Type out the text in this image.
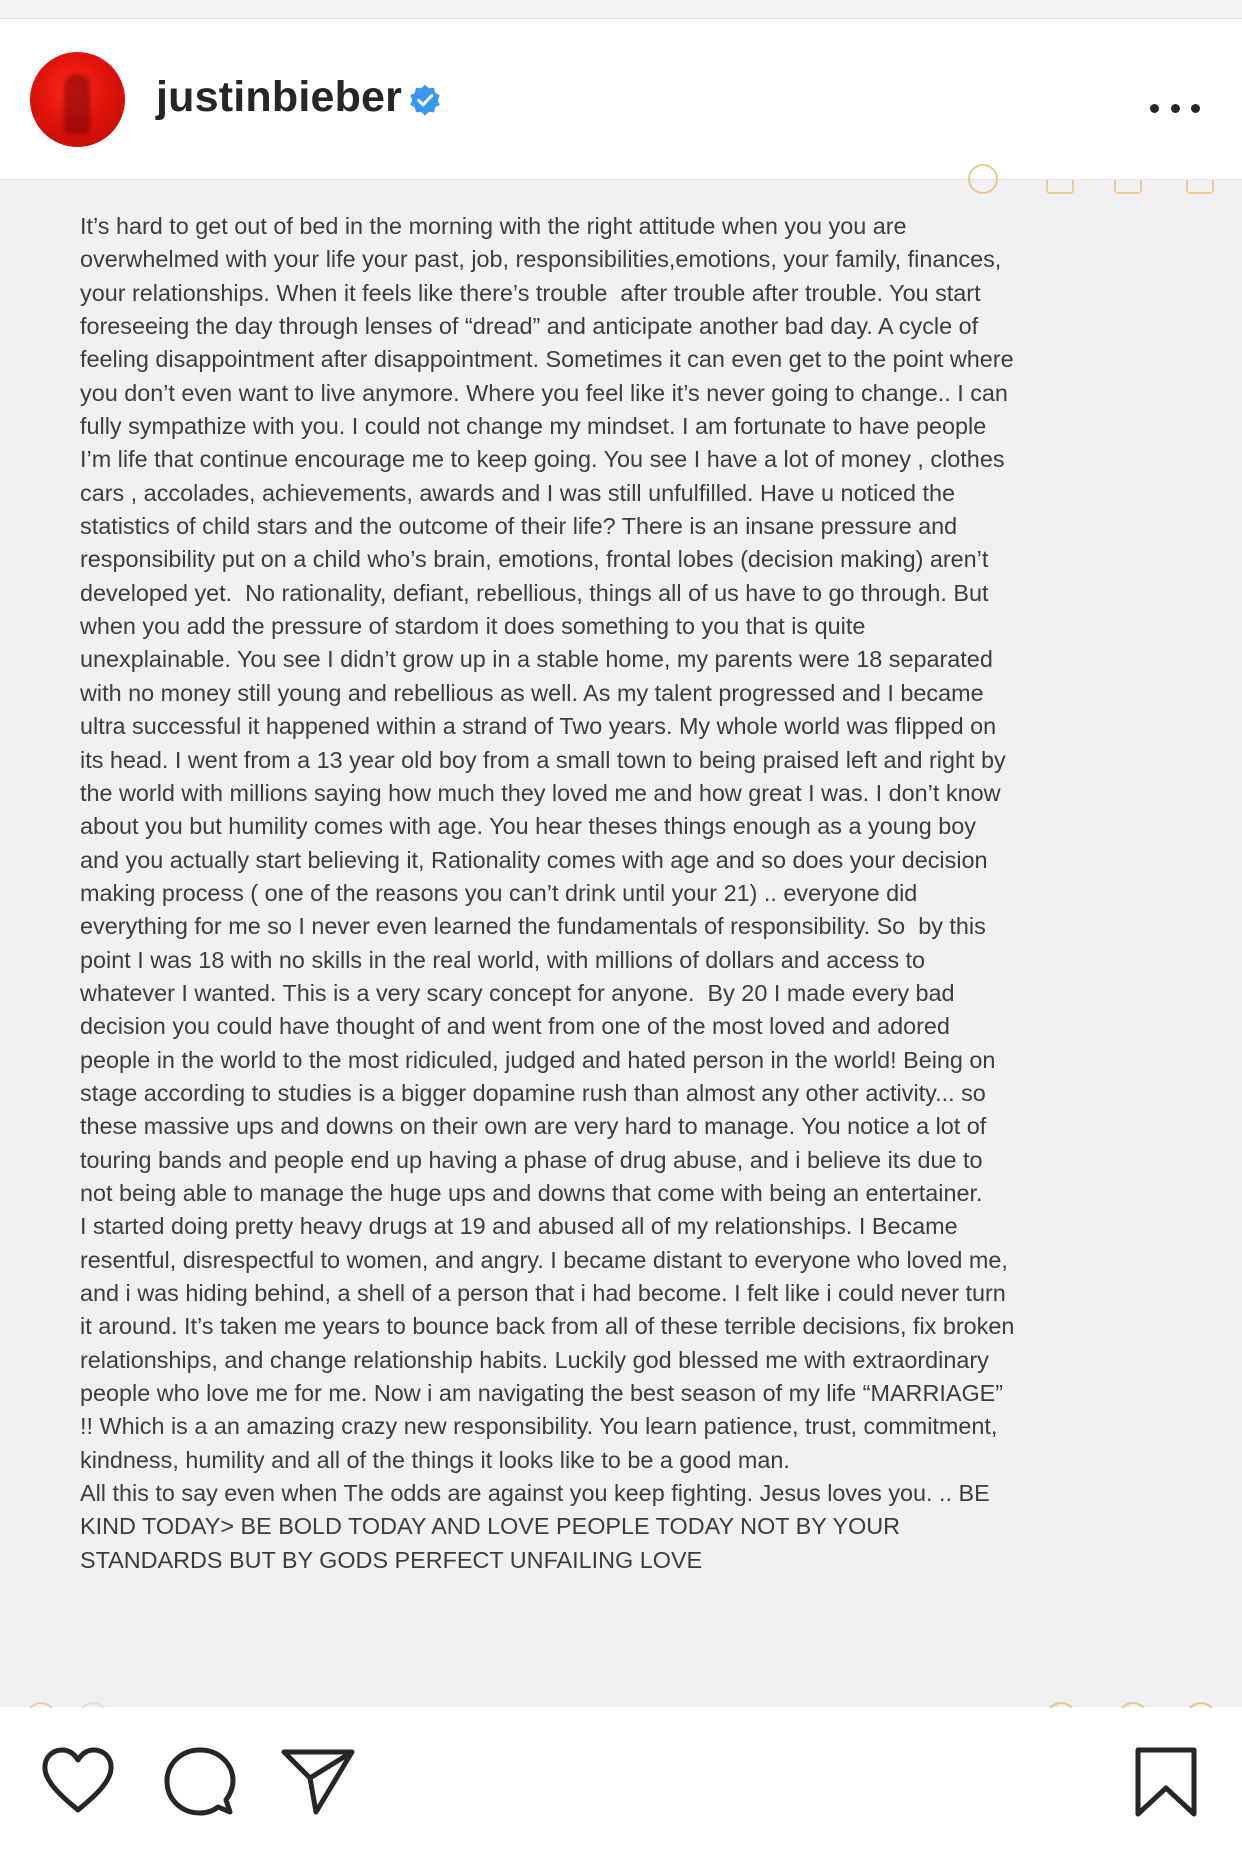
justinbieber
It’s hard to get out of bed in the morning with the right attitude when you you are overwhelmed with your life your past, job, responsibilities,emotions, your family, finances, your relationships. When it feels like there’s trouble  after trouble after trouble. You start foreseeing the day through lenses of “dread” and anticipate another bad day. A cycle of feeling disappointment after disappointment. Sometimes it can even get to the point where you don’t even want to live anymore. Where you feel like it’s never going to change.. I can fully sympathize with you. I could not change my mindset. I am fortunate to have people I’m life that continue encourage me to keep going. You see I have a lot of money , clothes cars , accolades, achievements, awards and I was still unfulfilled. Have u noticed the statistics of child stars and the outcome of their life? There is an insane pressure and responsibility put on a child who’s brain, emotions, frontal lobes (decision making) aren’t developed yet.  No rationality, defiant, rebellious, things all of us have to go through. But when you add the pressure of stardom it does something to you that is quite unexplainable. You see I didn’t grow up in a stable home, my parents were 18 separated  with no money still young and rebellious as well. As my talent progressed and I became ultra successful it happened within a strand of Two years. My whole world was flipped on its head. I went from a 13 year old boy from a small town to being praised left and right by the world with millions saying how much they loved me and how great I was. I don’t know about you but humility comes with age. You hear theses things enough as a young boy and you actually start believing it, Rationality comes with age and so does your decision making process ( one of the reasons you can’t drink until your 21) .. everyone did everything for me so I never even learned the fundamentals of responsibility. So  by this point I was 18 with no skills in the real world, with millions of dollars and access to whatever I wanted. This is a very scary concept for anyone.  By 20 I made every bad decision you could have thought of and went from one of the most loved and adored people in the world to the most ridiculed, judged and hated person in the world! Being on stage according to studies is a bigger dopamine rush than almost any other activity... so these massive ups and downs on their own are very hard to manage. You notice a lot of touring bands and people end up having a phase of drug abuse, and i believe its due to not being able to manage the huge ups and downs that come with being an entertainer.
I started doing pretty heavy drugs at 19 and abused all of my relationships. I Became resentful, disrespectful to women, and angry. I became distant to everyone who loved me, and i was hiding behind, a shell of a person that i had become. I felt like i could never turn it around. It’s taken me years to bounce back from all of these terrible decisions, fix broken relationships, and change relationship habits. Luckily god blessed me with extraordinary people who love me for me. Now i am navigating the best season of my life “MARRIAGE” !! Which is a an amazing crazy new responsibility. You learn patience, trust, commitment, kindness, humility and all of the things it looks like to be a good man.
All this to say even when The odds are against you keep fighting. Jesus loves you. .. BE KIND TODAY> BE BOLD TODAY AND LOVE PEOPLE TODAY NOT BY YOUR STANDARDS BUT BY GODS PERFECT UNFAILING LOVE
